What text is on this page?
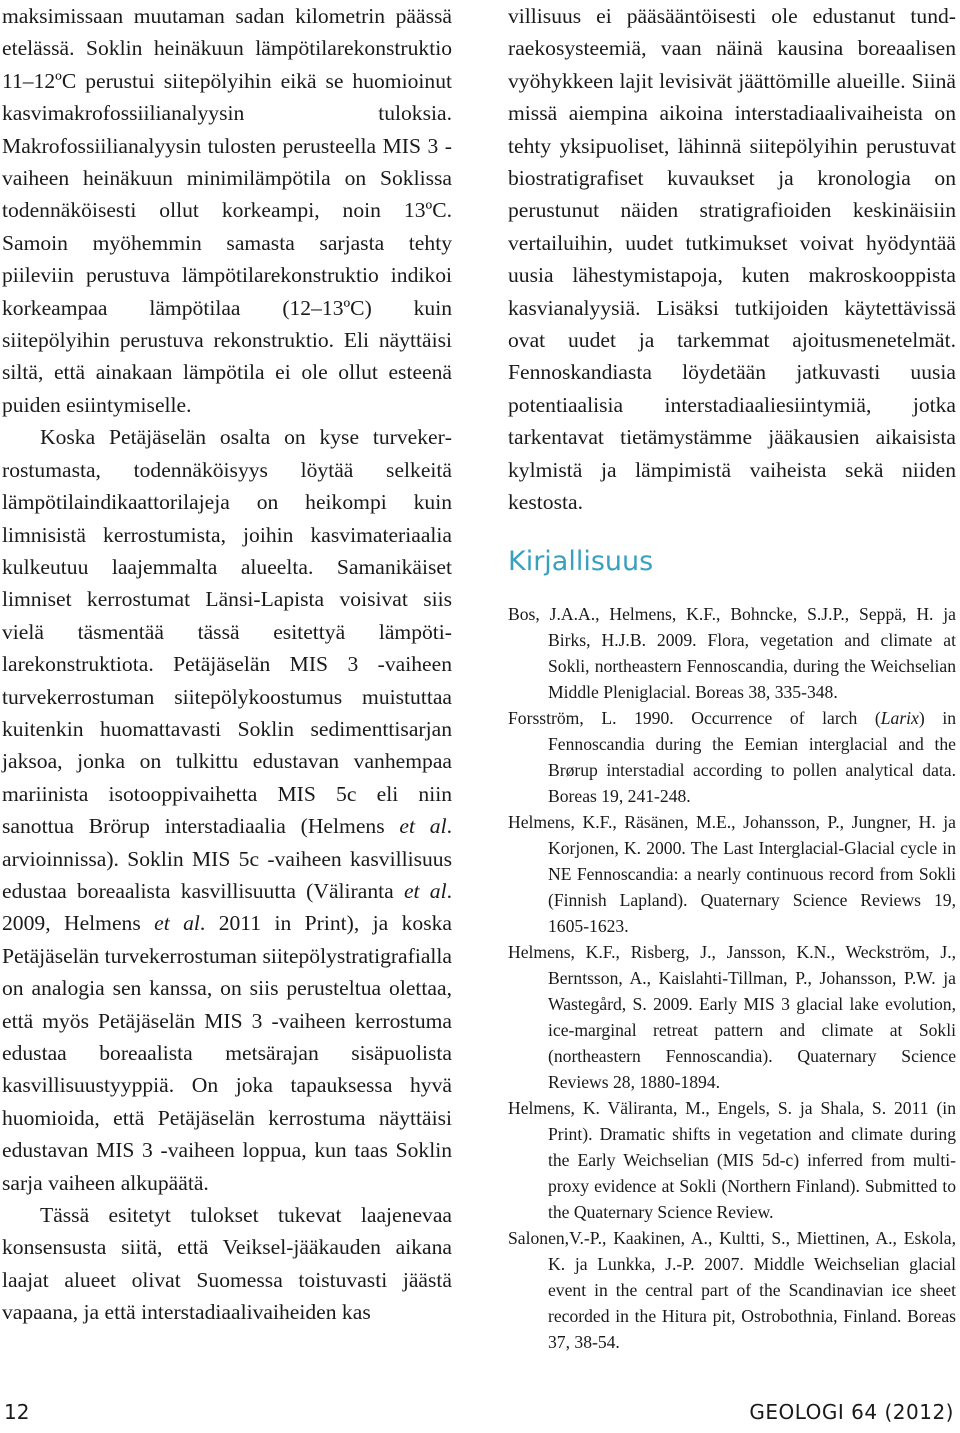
maksimissaan muutaman sadan kilometrin päässä etelässä. Soklin heinäkuun lämpötilarekonstruktio 11–12ºC perustui siitepölyihin eikä se huomioinut kasvimakrofossiilianalyysin tuloksia. Makrofossiilianalyysin tulosten perusteella MIS 3 -vaiheen heinäkuun minimilämpötila on Soklissa todennäköisesti ollut korkeampi, noin 13ºC. Samoin myöhemmin samasta sarjasta tehty piileviin perustuva lämpötilarekonstruktio indikoi korkeampaa lämpötilaa (12–13ºC) kuin siitepölyihin perustuva rekonstruktio. Eli näyttäisi siltä, että ainakaan lämpötila ei ole ollut esteenä puiden esiintymiselle.

Koska Petäjäselän osalta on kyse turvekerrostumasta, todennäköisyys löytää selkeitä lämpötilaindikaattorilajeja on heikompi kuin limnisistä kerrostumista, joihin kasvimateriaalia kulkeutuu laajemmalta alueelta. Samanikäiset limniset kerrostumat Länsi-Lapista voisivat siis vielä täsmentää tässä esitettyä lämpötilarekonstruktiota. Petäjäselän MIS 3 -vaiheen turvekerrostuman siitepölykoostumus muistuttaa kuitenkin huomattavasti Soklin sedimenttisarjan jaksoa, jonka on tulkittu edustavan vanhempaa mariinista isotooppivaihetta MIS 5c eli niin sanottua Brörup interstadiaalia (Helmens et al. arvioinnissa). Soklin MIS 5c -vaiheen kasvillisuus edustaa boreaalista kasvillisuutta (Väliranta et al. 2009, Helmens et al. 2011 in Print), ja koska Petäjäselän turvekerrostuman siitepölystratigrafialla on analogia sen kanssa, on siis perusteltua olettaa, että myös Petäjäselän MIS 3 -vaiheen kerrostuma edustaa boreaalista metsärajan sisäpuolista kasvillisuustyyppiä. On joka tapauksessa hyvä huomioida, että Petäjäselän kerrostuma näyttäisi edustavan MIS 3 -vaiheen loppua, kun taas Soklin sarja vaiheen alkupäätä.

Tässä esitetyt tulokset tukevat laajenevaa konsensusta siitä, että Veiksel-jääkauden aikana laajat alueet olivat Suomessa toistuvasti jäästä vapaana, ja että interstadiaalivaiheiden kas

villisuus ei pääsääntöisesti ole edustanut tundraekosysteemiä, vaan näinä kausina boreaalisen vyöhykkeen lajit levisivät jäättömille alueille. Siinä missä aiempina aikoina interstadiaalivaiheista on tehty yksipuoliset, lähinnä siitepölyihin perustuvat biostratigrafiset kuvaukset ja kronologia on perustunut näiden stratigrafioiden keskinäisiin vertailuihin, uudet tutkimukset voivat hyödyntää uusia lähestymistapoja, kuten makroskooppista kasvianalyysiä. Lisäksi tutkijoiden käytettävissä ovat uudet ja tarkemmat ajoitusmenetelmät. Fennoskandiasta löydetään jatkuvasti uusia potentiaalisia interstadiaaliesiintymiä, jotka tarkentavat tietämystämme jääkausien aikaisista kylmistä ja lämpimistä vaiheista sekä niiden kestosta.

Kirjallisuus

Bos, J.A.A., Helmens, K.F., Bohncke, S.J.P., Seppä, H. ja Birks, H.J.B. 2009. Flora, vegetation and climate at Sokli, northeastern Fennoscandia, during the Weichselian Middle Pleniglacial. Boreas 38, 335-348.

Forsström, L. 1990. Occurrence of larch (Larix) in Fennoscandia during the Eemian interglacial and the Brørup interstadial according to pollen analytical data. Boreas 19, 241-248.

Helmens, K.F., Räsänen, M.E., Johansson, P., Jungner, H. ja Korjonen, K. 2000. The Last Interglacial-Glacial cycle in NE Fennoscandia: a nearly continuous record from Sokli (Finnish Lapland). Quaternary Science Reviews 19, 1605-1623.

Helmens, K.F., Risberg, J., Jansson, K.N., Weckström, J., Berntsson, A., Kaislahti-Tillman, P., Johansson, P.W. ja Wastegård, S. 2009. Early MIS 3 glacial lake evolution, ice-marginal retreat pattern and climate at Sokli (northeastern Fennoscandia). Quaternary Science Reviews 28, 1880-1894.

Helmens, K. Väliranta, M., Engels, S. ja Shala, S. 2011 (in Print). Dramatic shifts in vegetation and climate during the Early Weichselian (MIS 5d-c) inferred from multi-proxy evidence at Sokli (Northern Finland). Submitted to the Quaternary Science Review.

Salonen,V.-P., Kaakinen, A., Kultti, S., Miettinen, A., Eskola, K. ja Lunkka, J.-P. 2007. Middle Weichselian glacial event in the central part of the Scandinavian ice sheet recorded in the Hitura pit, Ostrobothnia, Finland. Boreas 37, 38-54.

12	GEOLOGI 64 (2012)
